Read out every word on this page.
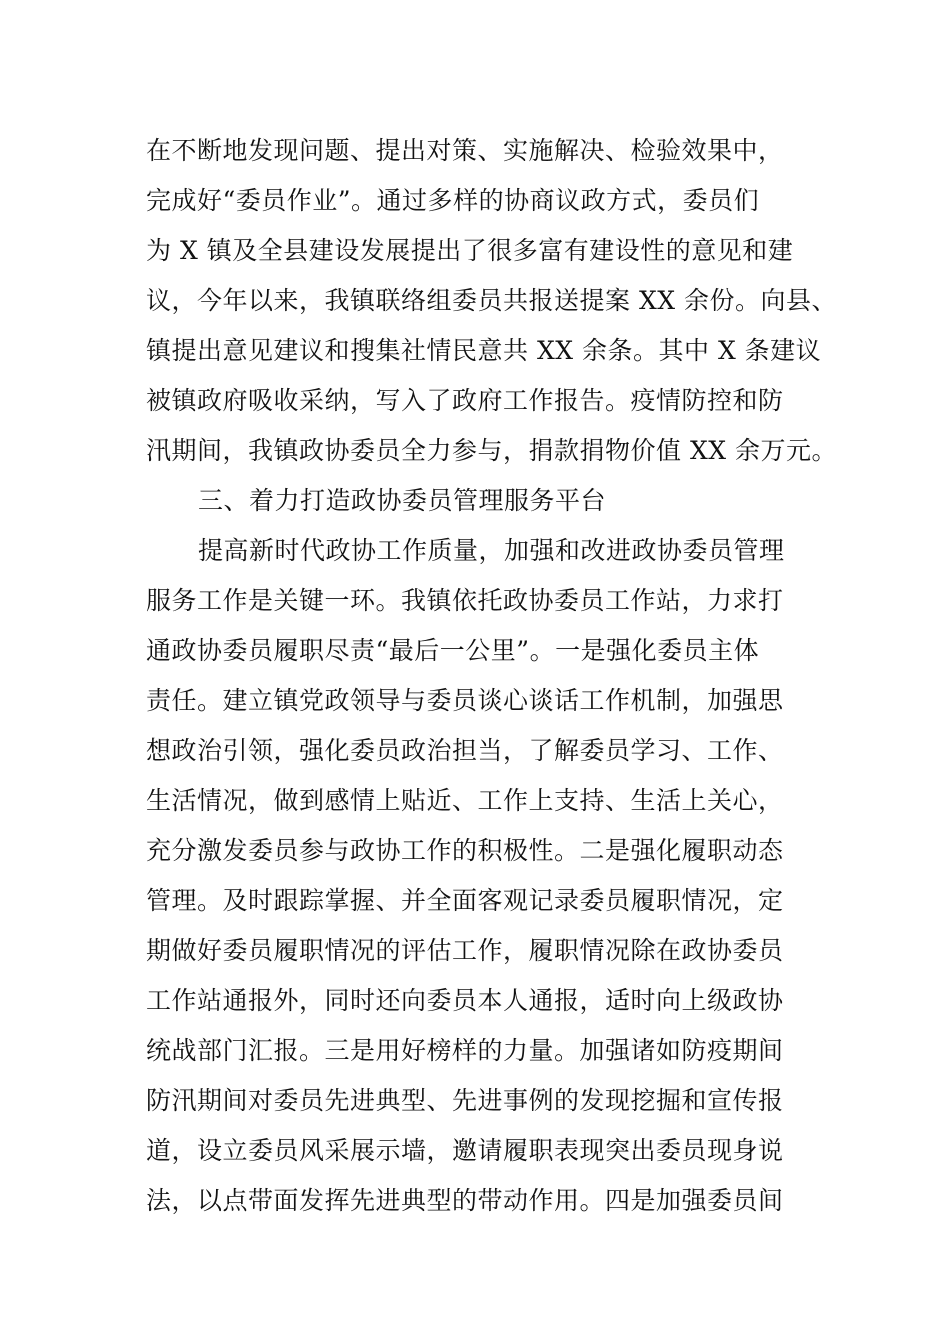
在不断地发现问题、提出对策、实施解决、检验效果中，
完成好“委员作业”。通过多样的协商议政方式，委员们
为 X 镇及全县建设发展提出了很多富有建设性的意见和建
议，今年以来，我镇联络组委员共报送提案 XX 余份。向县、
镇提出意见建议和搜集社情民意共 XX 余条。其中 X 条建议
被镇政府吸收采纳，写入了政府工作报告。疫情防控和防
汛期间，我镇政协委员全力参与，捐款捐物价值 XX 余万元。
三、着力打造政协委员管理服务平台
提高新时代政协工作质量，加强和改进政协委员管理
服务工作是关键一环。我镇依托政协委员工作站，力求打
通政协委员履职尽责“最后一公里”。一是强化委员主体
责任。建立镇党政领导与委员谈心谈话工作机制，加强思
想政治引领，强化委员政治担当，了解委员学习、工作、
生活情况，做到感情上贴近、工作上支持、生活上关心，
充分激发委员参与政协工作的积极性。二是强化履职动态
管理。及时跟踪掌握、并全面客观记录委员履职情况，定
期做好委员履职情况的评估工作，履职情况除在政协委员
工作站通报外，同时还向委员本人通报，适时向上级政协
统战部门汇报。三是用好榜样的力量。加强诸如防疫期间
防汛期间对委员先进典型、先进事例的发现挖掘和宣传报
道，设立委员风采展示墙，邀请履职表现突出委员现身说
法，以点带面发挥先进典型的带动作用。四是加强委员间
